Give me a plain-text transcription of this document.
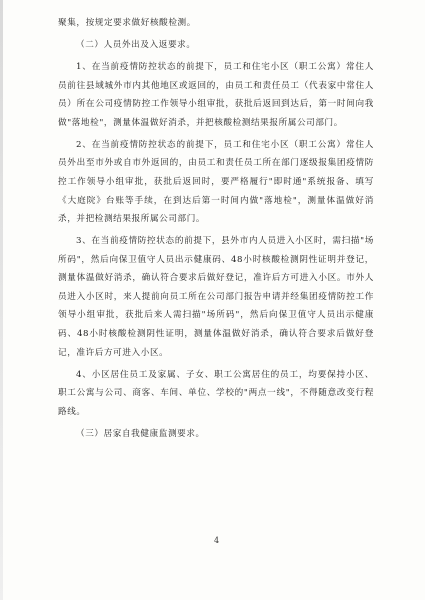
聚集，按规定要求做好核酸检测。

（二）人员外出及入返要求。

1、在当前疫情防控状态的前提下，员工和住宅小区（职工公寓）常住人员前往县域城外市内其他地区或返回的，由员工和责任员工（代表家中常住人员）所在公司疫情防控工作领导小组审批，获批后返回到达后，第一时间向我做"落地检"，测量体温做好消杀，并把核酸检测结果报所属公司部门。

2、在当前疫情防控状态的前提下，员工和住宅小区（职工公寓）常住人员外出至市外或自市外返回的，由员工和责任员工所在部门逐级报集团疫情防控工作领导小组审批，获批后返回时，要严格履行"即时通"系统报备、填写《大庭院》台账等手续，在到达后第一时间内做"落地检"，测量体温做好消杀，并把检测结果报所属公司部门。

3、在当前疫情防控状态的前提下，县外市内人员进入小区时，需扫描"场所码"，然后向保卫值守人员出示健康码、48小时核酸检测阴性证明并登记，测量体温做好消杀，确认符合要求后做好登记，准许后方可进入小区。市外人员进入小区时，来人提前向员工所在公司部门报告申请并经集团疫情防控工作领导小组审批，获批后来人需扫描"场所码"，然后向保卫值守人员出示健康码、48小时核酸检测阴性证明，测量体温做好消杀，确认符合要求后做好登记，准许后方可进入小区。

4、小区居住员工及家属、子女、职工公寓居住的员工，均要保持小区、职工公寓与公司、商客、车间、单位、学校的"两点一线"，不得随意改变行程路线。

（三）居家自我健康监测要求。

4
